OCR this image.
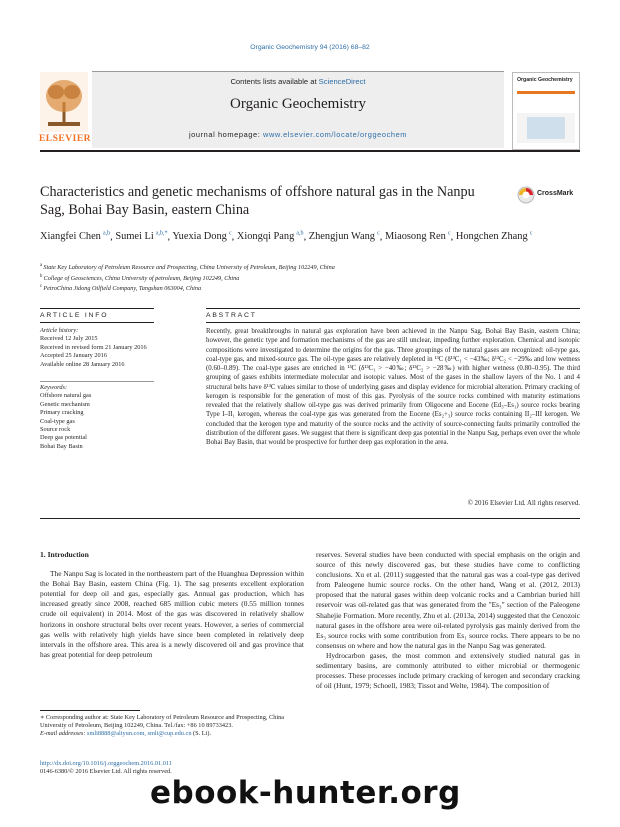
Organic Geochemistry 94 (2016) 68–82
ELSEVIER
Contents lists available at ScienceDirect
Organic Geochemistry
journal homepage: www.elsevier.com/locate/orggeochem
Organic Geochemistry
Characteristics and genetic mechanisms of offshore natural gas in the Nanpu Sag, Bohai Bay Basin, eastern China
CrossMark
Xiangfei Chen  $^{a,b}$, Sumei Li  $^{a,b,*}$, Yuexia Dong  $^c$, Xiongqi Pang  $^{a,b}$, Zhengjun Wang  $^c$, Miaosong Ren  $^c$, Hongchen Zhang  $^c$
$^a$ State Key Laboratory of Petroleum Resource and Prospecting, China University of Petroleum, Beijing 102249, China
$^b$ College of Geosciences, China University of petroleum, Beijing 102249, China
$^c$ PetroChina Jidong Oilfield Company, Tangshan 063004, China
ARTICLE INFO	ABSTRACT
Article history:
Received 12 July 2015
Received in revised form 21 January 2016
Accepted 25 January 2016
Available online 28 January 2016
Keywords:
Offshore natural gas
Genetic mechanism
Primary cracking
Coal-type gas
Source rock
Deep gas potential
Bohai Bay Basin

Recently, great breakthroughs in natural gas exploration have been achieved in the Nanpu Sag, Bohai Bay Basin, eastern China; however, the genetic type and formation mechanisms of the gas are still unclear, impeding further exploration. Chemical and isotopic compositions were investigated to determine the origins for the gas. Three groupings of the natural gases are recognized: oil-type gas, coal-type gas, and mixed-source gas. The oil-type gases are relatively depleted in ¹³C (δ¹³C₁ < −43‰; δ¹³C₂ < −29‰ and low wetness (0.60–0.89). The coal-type gases are enriched in ¹³C (δ¹³C₁ > −40‰; δ¹³C₂ > −28‰) with higher wetness (0.80–0.95). The third grouping of gases exhibits intermediate molecular and isotopic values. Most of the gases in the shallow layers of the No. 1 and 4 structural belts have δ¹³C values similar to those of underlying gases and display evidence for microbial alteration. Primary cracking of kerogen is responsible for the generation of most of this gas. Pyrolysis of the source rocks combined with maturity estimations revealed that the relatively shallow oil-type gas was derived primarily from Oligocene and Eocene (Ed₃–Es₁) source rocks bearing Type I–II₁ kerogen, whereas the coal-type gas was generated from the Eocene (Es₂+₃) source rocks containing II₂–III kerogen. We concluded that the kerogen type and maturity of the source rocks and the activity of source-connecting faults primarily controlled the distribution of the different gases. We suggest that there is significant deep gas potential in the Nanpu Sag, perhaps even over the whole Bohai Bay Basin, that would be prospective for further deep gas exploration in the area.

© 2016 Elsevier Ltd. All rights reserved.

1. Introduction

The Nanpu Sag is located in the northeastern part of the Huanghua Depression within the Bohai Bay Basin, eastern China (Fig. 1). The sag presents excellent exploration potential for deep oil and gas, especially gas. Annual gas production, which has increased greatly since 2008, reached 685 million cubic meters (0.55 million tonnes crude oil equivalent) in 2014. Most of the gas was discovered in relatively shallow horizons in onshore structural belts over recent years. However, a series of commercial gas wells with relatively high yields have since been completed in relatively deep intervals in the offshore area. This area is a newly discovered oil and gas province that has great potential for deep petroleum

reserves. Several studies have been conducted with special emphasis on the origin and source of this newly discovered gas, but these studies have come to conflicting conclusions. Xu et al. (2011) suggested that the natural gas was a coal-type gas derived from Paleogene humic source rocks. On the other hand, Wang et al. (2012, 2013) proposed that the natural gases within deep volcanic rocks and a Cambrian buried hill reservoir was oil-related gas that was generated from the "Es₃" section of the Paleogene Shahejie Formation. More recently, Zhu et al. (2013a, 2014) suggested that the Cenozoic natural gases in the offshore area were oil-related pyrolysis gas mainly derived from the Es₃ source rocks with some contribution from Es₁ source rocks. There appears to be no consensus on where and how the natural gas in the Nanpu Sag was generated.

Hydrocarbon gases, the most common and extensively studied natural gas in sedimentary basins, are commonly attributed to either microbial or thermogenic processes. These processes include primary cracking of kerogen and secondary cracking of oil (Hunt, 1979; Schoell, 1983; Tissot and Welte, 1984). The composition of

∗ Corresponding author at: State Key Laboratory of Petroleum Resource and Prospecting, China University of Petroleum, Beijing 102249, China. Tel./fax: +86 10 89733423.
E-mail addresses: smli8888@aliyun.com, smli@cup.edu.cn (S. Li).
http://dx.doi.org/10.1016/j.orggeochem.2016.01.011
0146-6380/© 2016 Elsevier Ltd. All rights reserved.
ebook-hunter.org
